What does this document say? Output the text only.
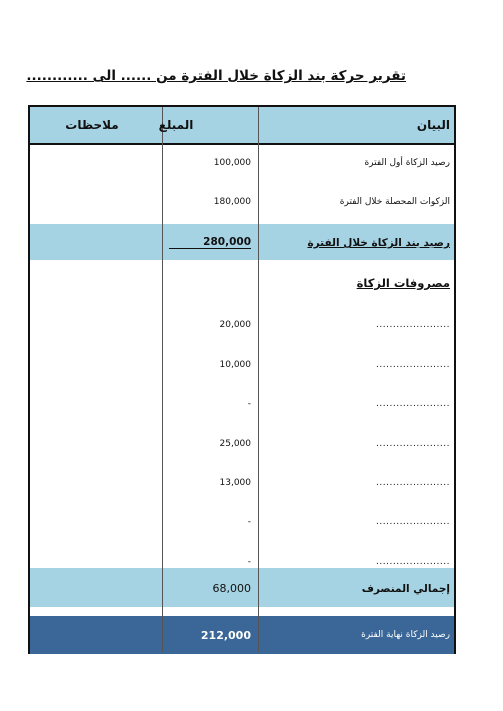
تقرير حركة بند الزكاة خلال الفترة من ...... الى ............
البيان
المبلغ
ملاحظات
رصيد الزكاة أول الفترة
100,000
الزكوات المحصلة خلال الفترة
180,000
رصيد بند الزكاة خلال الفترة
280,000
مصروفات الزكاة
......................
20,000
......................
10,000
......................
-
......................
25,000
......................
13,000
......................
-
......................
-
إجمالي المنصرف
68,000
رصيد الزكاة نهاية الفترة
212,000
